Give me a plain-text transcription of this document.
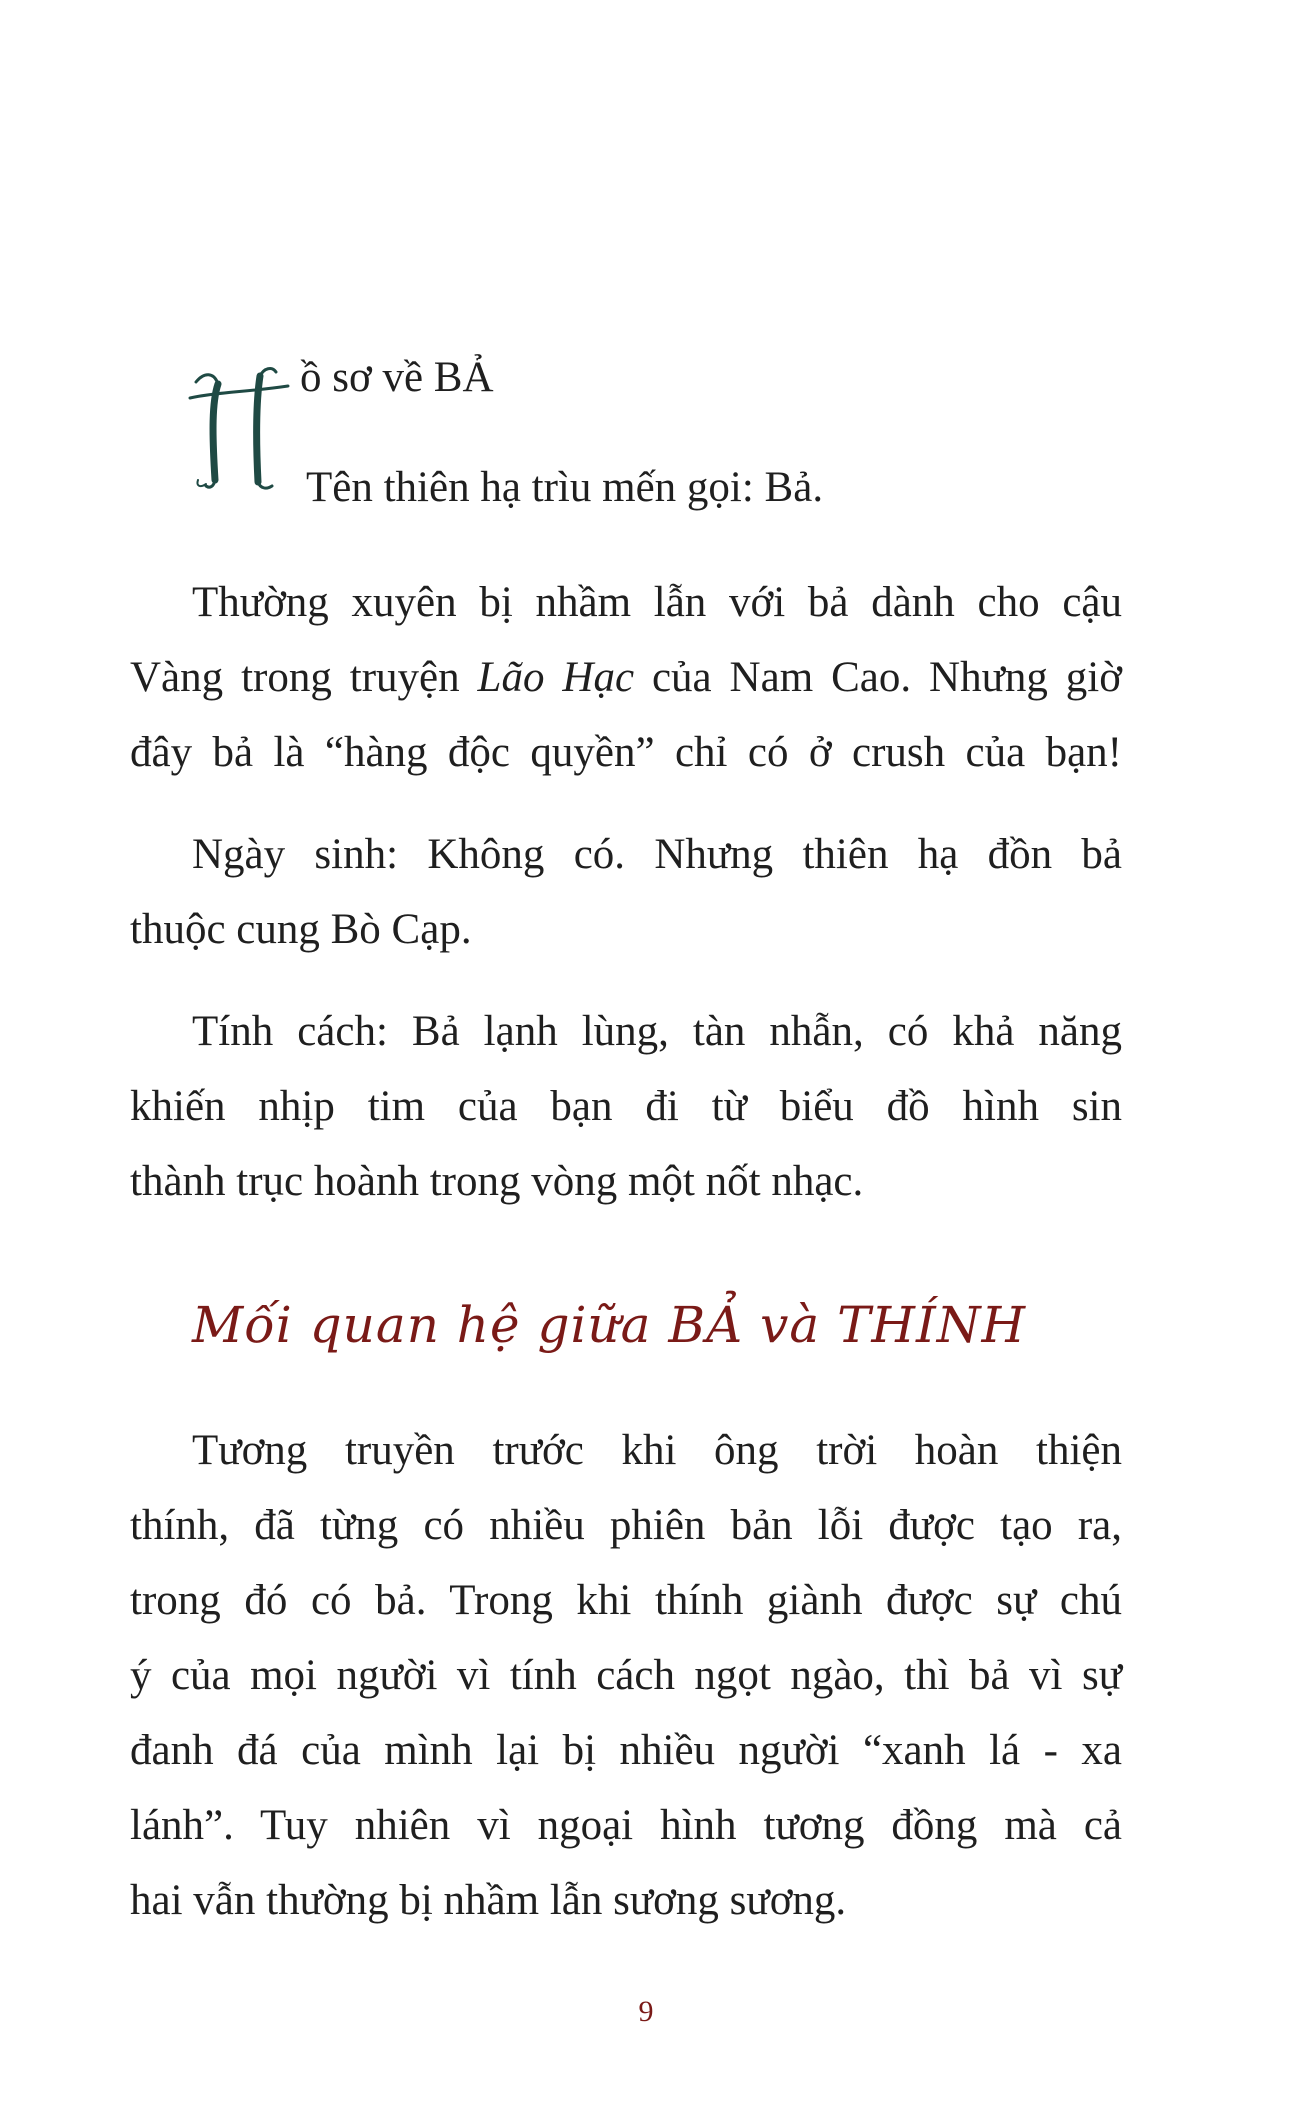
H
ồ sơ về BẢ
Tên thiên hạ trìu mến gọi: Bả.
Thường xuyên bị nhầm lẫn với bả dành cho cậu
Vàng trong truyện Lão Hạc của Nam Cao. Nhưng giờ
đây bả là “hàng độc quyền” chỉ có ở crush của bạn!
Ngày sinh: Không có. Nhưng thiên hạ đồn bả
thuộc cung Bò Cạp.
Tính cách: Bả lạnh lùng, tàn nhẫn, có khả năng
khiến nhịp tim của bạn đi từ biểu đồ hình sin
thành trục hoành trong vòng một nốt nhạc.
Mối quan hệ giữa BẢ và THÍNH
Tương truyền trước khi ông trời hoàn thiện
thính, đã từng có nhiều phiên bản lỗi được tạo ra,
trong đó có bả. Trong khi thính giành được sự chú
ý của mọi người vì tính cách ngọt ngào, thì bả vì sự
đanh đá của mình lại bị nhiều người “xanh lá - xa
lánh”. Tuy nhiên vì ngoại hình tương đồng mà cả
hai vẫn thường bị nhầm lẫn sương sương.
9
